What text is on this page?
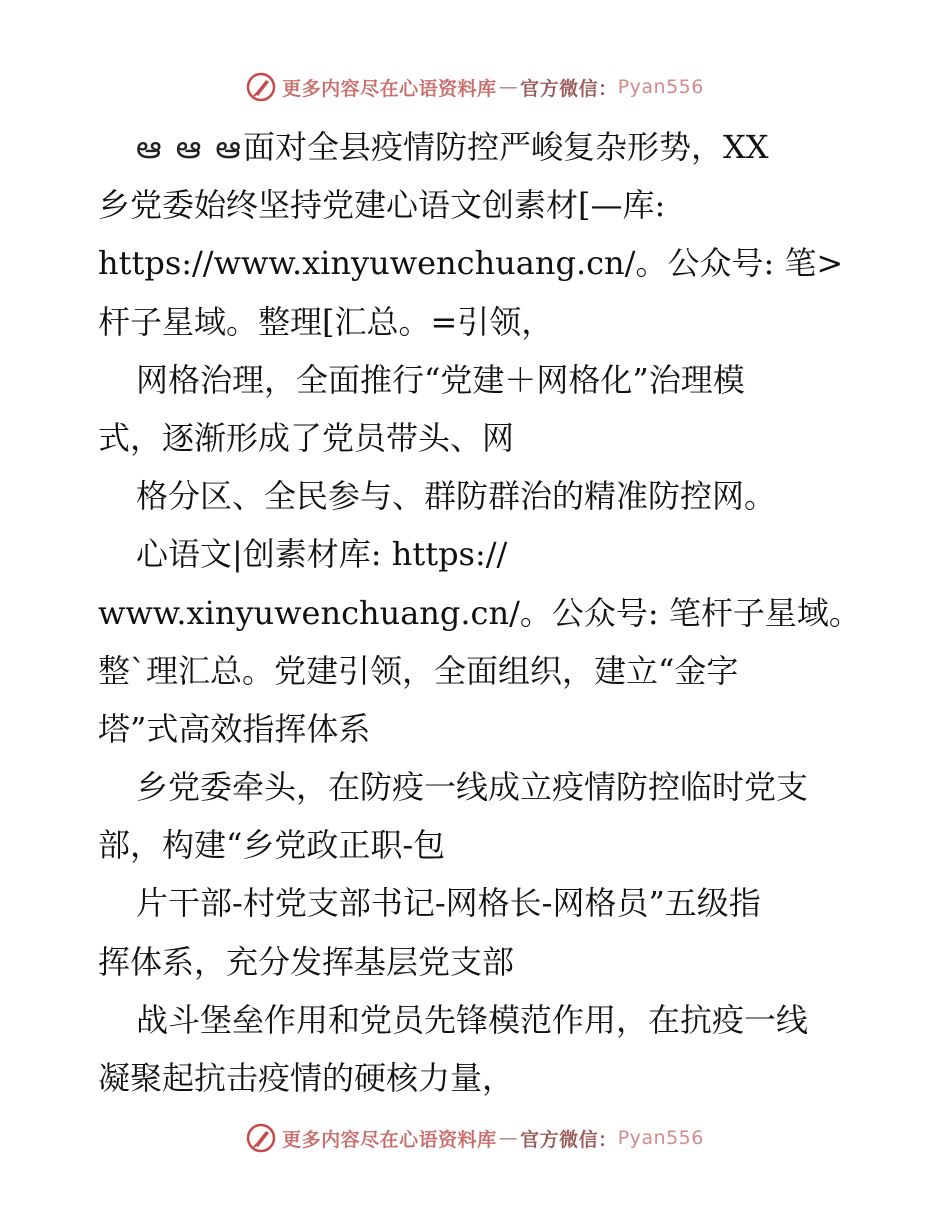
更多内容尽在心语资料库 — 官方微信： Pyan556
ఆ ఆ ఆ面对全县疫情防控严峻复杂形势，XX
乡党委始终坚持党建心语文创素材[—库:
https://www.xinyuwenchuang.cn/。公众号: 笔>
杆子星域。整理[汇总。=引领，
网格治理，全面推行“党建＋网格化”治理模
式，逐渐形成了党员带头、网
格分区、全民参与、群防群治的精准防控网。
心语文|创素材库: https://
www.xinyuwenchuang.cn/。公众号: 笔杆子星域。
整ˋ理汇总。党建引领，全面组织，建立“金字
塔”式高效指挥体系
乡党委牵头，在防疫一线成立疫情防控临时党支
部，构建“乡党政正职-包
片干部-村党支部书记-网格长-网格员”五级指
挥体系，充分发挥基层党支部
战斗堡垒作用和党员先锋模范作用，在抗疫一线
凝聚起抗击疫情的硬核力量，
更多内容尽在心语资料库 — 官方微信： Pyan556
